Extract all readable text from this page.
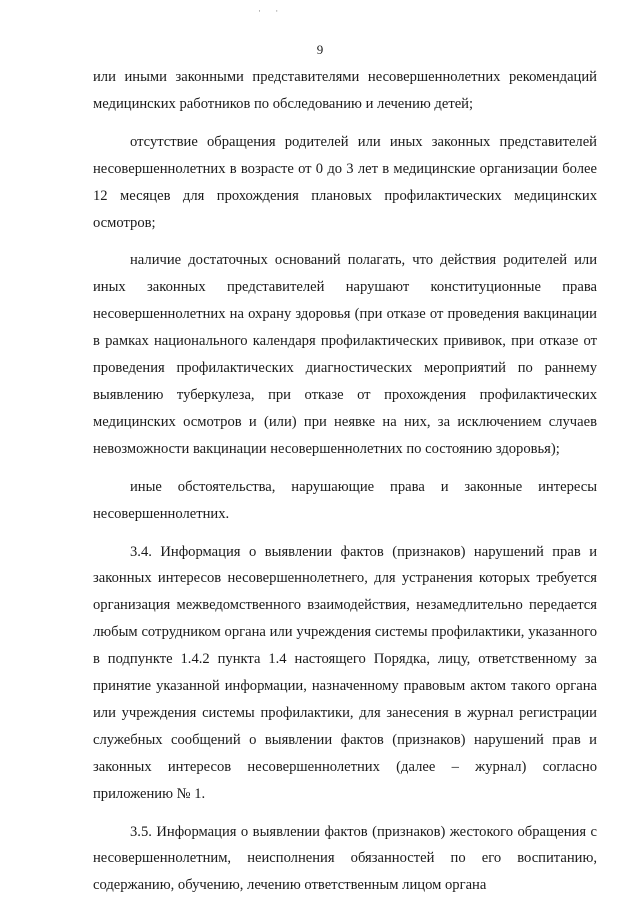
· ·
9

или иными законными представителями несовершеннолетних рекомендаций медицинских работников по обследованию и лечению детей;

отсутствие обращения родителей или иных законных представителей несовершеннолетних в возрасте от 0 до 3 лет в медицинские организации более 12 месяцев для прохождения плановых профилактических медицинских осмотров;

наличие достаточных оснований полагать, что действия родителей или иных законных представителей нарушают конституционные права несовершеннолетних на охрану здоровья (при отказе от проведения вакцинации в рамках национального календаря профилактических прививок, при отказе от проведения профилактических диагностических мероприятий по раннему выявлению туберкулеза, при отказе от прохождения профилактических медицинских осмотров и (или) при неявке на них, за исключением случаев невозможности вакцинации несовершеннолетних по состоянию здоровья);

иные обстоятельства, нарушающие права и законные интересы несовершеннолетних.

3.4. Информация о выявлении фактов (признаков) нарушений прав и законных интересов несовершеннолетнего, для устранения которых требуется организация межведомственного взаимодействия, незамедлительно передается любым сотрудником органа или учреждения системы профилактики, указанного в подпункте 1.4.2 пункта 1.4 настоящего Порядка, лицу, ответственному за принятие указанной информации, назначенному правовым актом такого органа или учреждения системы профилактики, для занесения в журнал регистрации служебных сообщений о выявлении фактов (признаков) нарушений прав и законных интересов несовершеннолетних (далее – журнал) согласно приложению № 1.

3.5. Информация о выявлении фактов (признаков) жестокого обращения с несовершеннолетним, неисполнения обязанностей по его воспитанию, содержанию, обучению, лечению ответственным лицом органа
